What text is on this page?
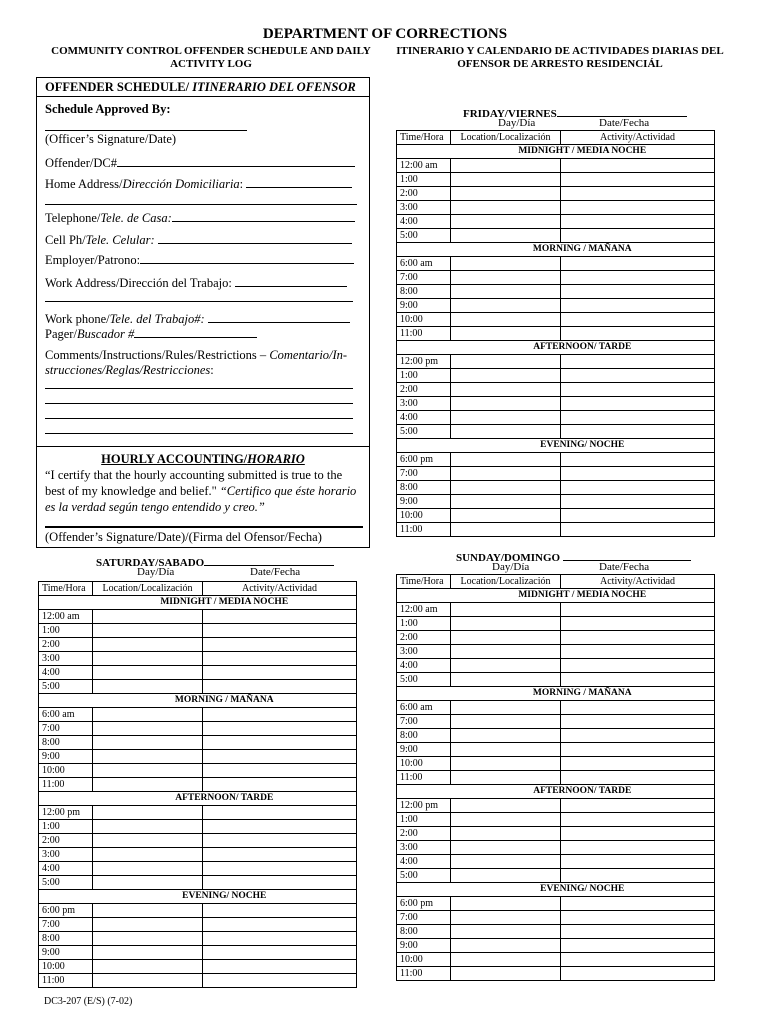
DEPARTMENT OF CORRECTIONS
COMMUNITY CONTROL OFFENDER SCHEDULE AND DAILY ACTIVITY LOG
ITINERARIO Y CALENDARIO DE ACTIVIDADES DIARIAS DEL OFENSOR DE ARRESTO RESIDENCIÁL
OFFENDER SCHEDULE/ ITINERARIO DEL OFENSOR
Schedule Approved By:
(Officer’s Signature/Date)
Offender/DC#
Home Address/Dirección Domiciliaria:
Telephone/Tele. de Casa:
Cell Ph/Tele. Celular:
Employer/Patrono:
Work Address/Dirección del Trabajo:
Work phone/Tele. del Trabajo#:
Pager/Buscador #
Comments/Instructions/Rules/Restrictions – Comentario/In-
strucciones/Reglas/Restricciones:
HOURLY ACCOUNTING/HORARIO
“I certify that the hourly accounting submitted is true to the best of my knowledge and belief." “Certifico que éste horario es la verdad según tengo entendido y creo.”
(Offender’s Signature/Date)/(Firma del Ofensor/Fecha)
FRIDAY/VIERNES
Day/Día	Date/Fecha
Time/Hora	Location/Localización	Activity/Actividad
	MIDNIGHT / MEDIA NOCHE	
12:00 am		
1:00		
2:00		
3:00		
4:00		
5:00		
	MORNING / MAÑANA	
6:00 am		
7:00		
8:00		
9:00		
10:00		
11:00		
	AFTERNOON/ TARDE	
12:00 pm		
1:00		
2:00		
3:00		
4:00		
5:00		
	EVENING/ NOCHE	
6:00 pm		
7:00		
8:00		
9:00		
10:00		
11:00		
SATURDAY/SABADO
Day/Día	Date/Fecha
Time/Hora	Location/Localización	Activity/Actividad
	MIDNIGHT / MEDIA NOCHE	
12:00 am		
1:00		
2:00		
3:00		
4:00		
5:00		
	MORNING / MAÑANA	
6:00 am		
7:00		
8:00		
9:00		
10:00		
11:00		
	AFTERNOON/ TARDE	
12:00 pm		
1:00		
2:00		
3:00		
4:00		
5:00		
	EVENING/ NOCHE	
6:00 pm		
7:00		
8:00		
9:00		
10:00		
11:00		
SUNDAY/DOMINGO
Day/Día	Date/Fecha
Time/Hora	Location/Localización	Activity/Actividad
	MIDNIGHT / MEDIA NOCHE	
12:00 am		
1:00		
2:00		
3:00		
4:00		
5:00		
	MORNING / MAÑANA	
6:00 am		
7:00		
8:00		
9:00		
10:00		
11:00		
	AFTERNOON/ TARDE	
12:00 pm		
1:00		
2:00		
3:00		
4:00		
5:00		
	EVENING/ NOCHE	
6:00 pm		
7:00		
8:00		
9:00		
10:00		
11:00		
DC3-207 (E/S) (7-02)
